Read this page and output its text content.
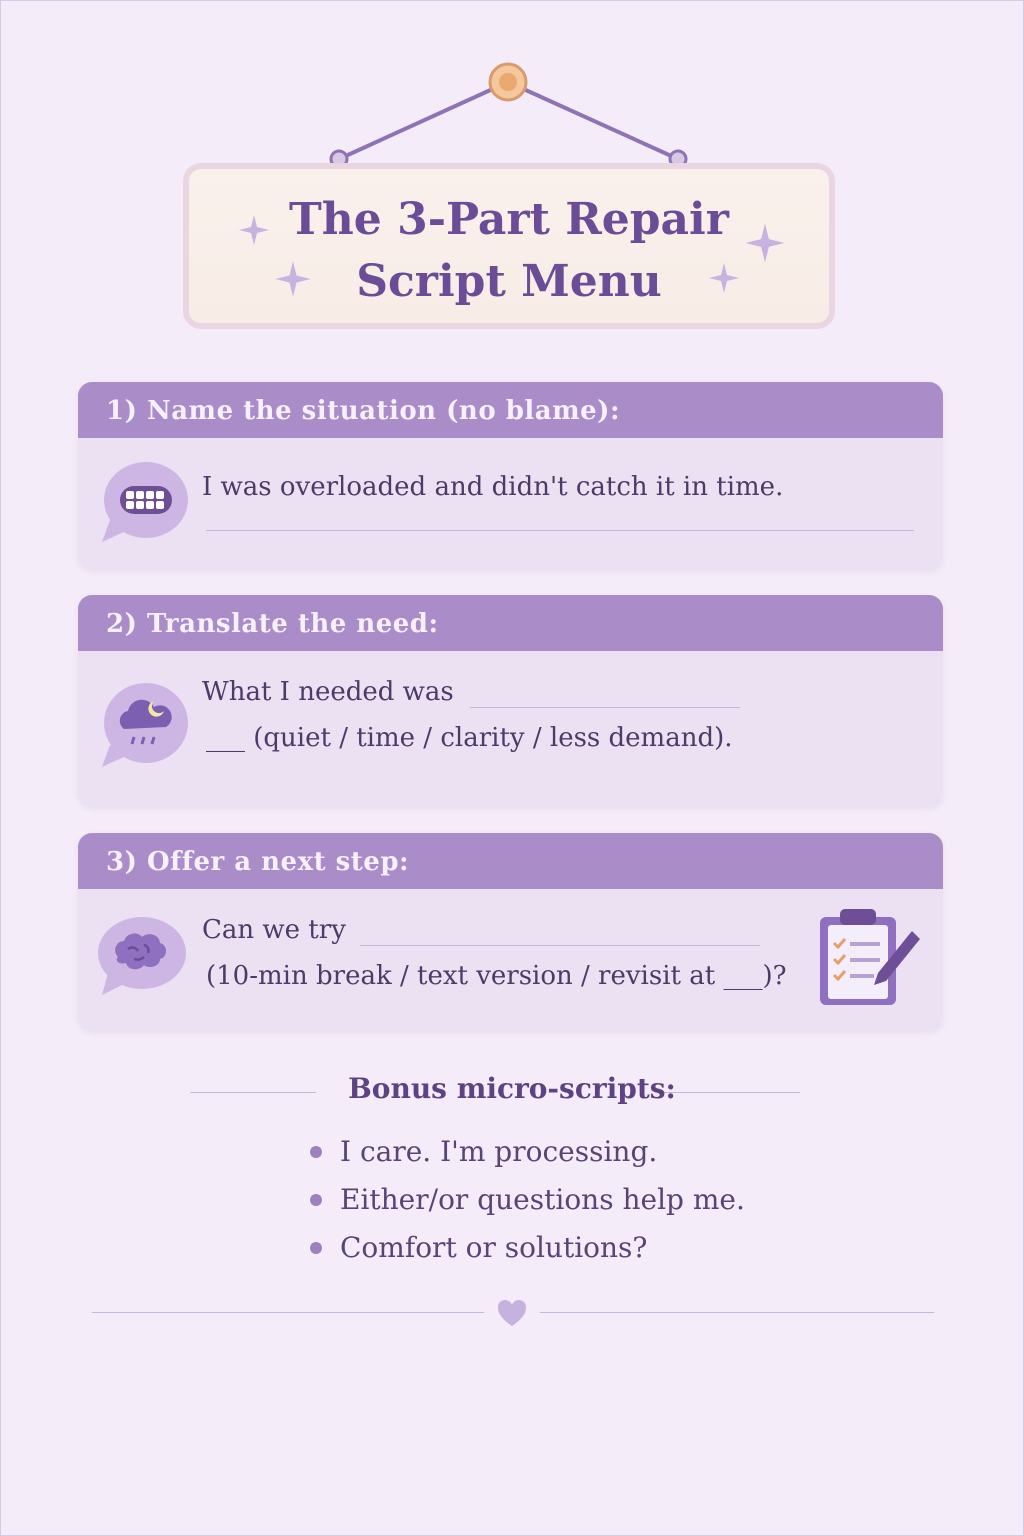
The 3-Part Repair
Script Menu
1) Name the situation (no blame):
I was overloaded and didn't catch it in time.
2) Translate the need:
What I needed was
___ (quiet / time / clarity / less demand).
3) Offer a next step:
Can we try
(10-min break / text version / revisit at ___)?
Bonus micro-scripts:
I care. I'm processing.
Either/or questions help me.
Comfort or solutions?
